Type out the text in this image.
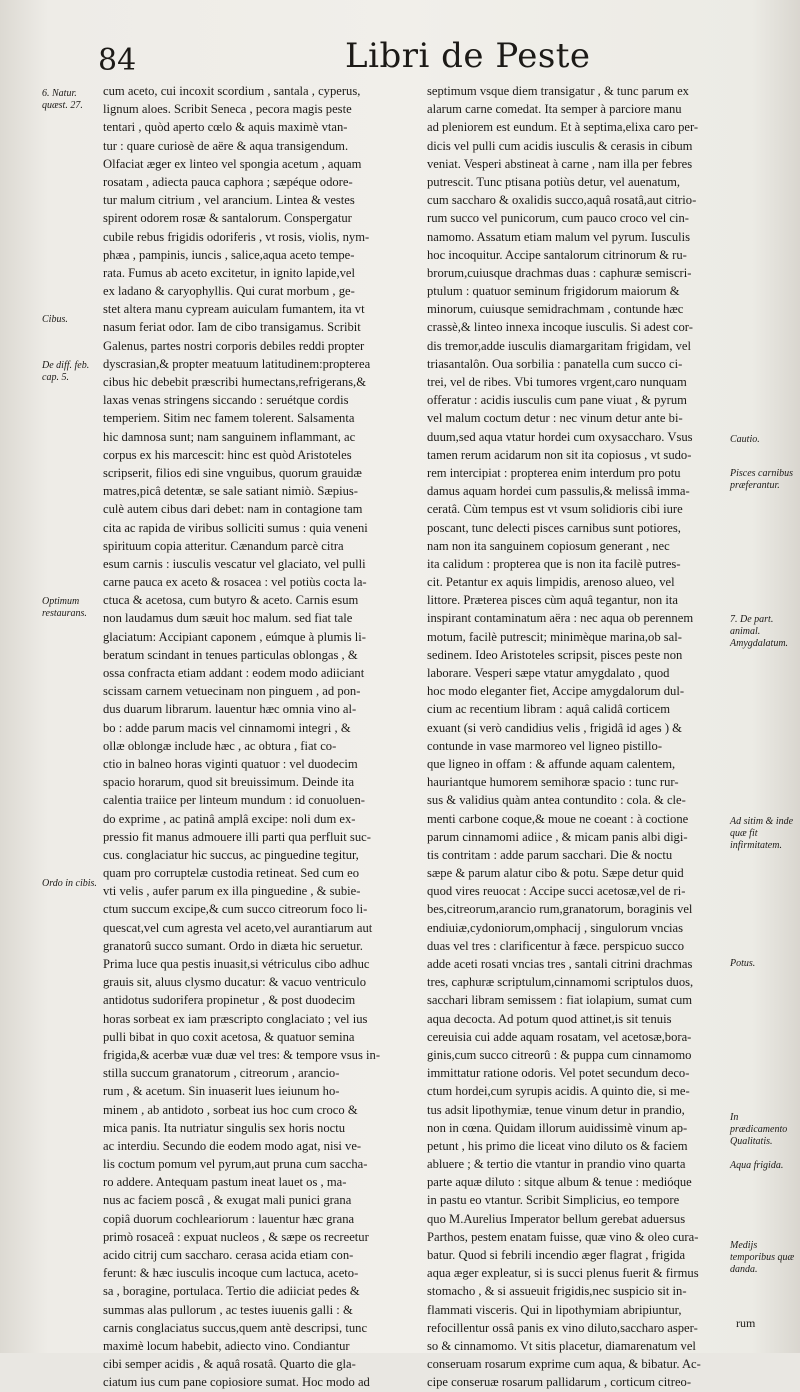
84	Libri de Peste
cum aceto, cui incoxit scordium , santala , cyperus,
lignum aloes. Scribit Seneca , pecora magis peste
tentari , quòd aperto cœlo & aquis maximè vtan-
tur : quare curiosè de aëre & aqua transigendum.
Olfaciat æger ex linteo vel spongia acetum , aquam
rosatam , adiecta pauca caphora ; sæpéque odore-
tur malum citrium , vel arancium. Lintea & vestes
spirent odorem rosæ & santalorum. Conspergatur
cubile rebus frigidis odoriferis , vt rosis, violis, nym-
phæa , pampinis, iuncis , salice,aqua aceto tempe-
rata. Fumus ab aceto excitetur, in ignito lapide,vel
ex ladano & caryophyllis. Qui curat morbum , ge-
stet altera manu cypream auiculam fumantem, ita vt
nasum feriat odor. Iam de cibo transigamus. Scribit
Galenus, partes nostri corporis debiles reddi propter
dyscrasian,& propter meatuum latitudinem:propterea
cibus hic debebit præscribi humectans,refrigerans,&
laxas venas stringens siccando : seruétque cordis
temperiem. Sitim nec famem tolerent. Salsamenta
hic damnosa sunt; nam sanguinem inflammant, ac
corpus ex his marcescit: hinc est quòd Aristoteles
scripserit, filios edi sine vnguibus, quorum grauidæ
matres,picâ detentæ, se sale satiant nimiò. Sæpius-
culè autem cibus dari debet: nam in contagione tam
cita ac rapida de viribus solliciti sumus : quia veneni
spirituum copia atteritur. Cænandum parcè citra
esum carnis : iusculis vescatur vel glaciato, vel pulli
carne pauca ex aceto & rosacea : vel potiùs cocta la-
ctuca & acetosa, cum butyro & aceto. Carnis esum
non laudamus dum sæuit hoc malum. sed fiat tale
glaciatum: Accipiant caponem , eúmque à plumis li-
beratum scindant in tenues particulas oblongas , &
ossa confracta etiam addant : eodem modo adiiciant
scissam carnem vetuecinam non pinguem , ad pon-
dus duarum librarum. lauentur hæc omnia vino al-
bo : adde parum macis vel cinnamomi integri , &
ollæ oblongæ include hæc , ac obtura , fiat co-
ctio in balneo horas viginti quatuor : vel duodecim
spacio horarum, quod sit breuissimum. Deinde ita
calentia traiice per linteum mundum : id conuoluen-
do exprime , ac patinâ amplâ excipe: noli dum ex-
pressio fit manus admouere illi parti qua perfluit suc-
cus. conglaciatur hic succus, ac pinguedine tegitur,
quam pro corruptelæ custodia retineat. Sed cum eo
vti velis , aufer parum ex illa pinguedine , & subie-
ctum succum excipe,& cum succo citreorum foco li-
quescat,vel cum agresta vel aceto,vel aurantiarum aut
granatorû succo sumant. Ordo in diæta hic seruetur.
Prima luce qua pestis inuasit,si vétriculus cibo adhuc
grauis sit, aluus clysmo ducatur: & vacuo ventriculo
antidotus sudorifera propinetur , & post duodecim
horas sorbeat ex iam præscripto conglaciato ; vel ius
pulli bibat in quo coxit acetosa, & quatuor semina
frigida,& acerbæ vuæ duæ vel tres: & tempore vsus in-
stilla succum granatorum , citreorum , arancio-
rum , & acetum. Sin inuaserit lues ieiunum ho-
minem , ab antidoto , sorbeat ius hoc cum croco &
mica panis. Ita nutriatur singulis sex horis noctu
ac interdiu. Secundo die eodem modo agat, nisi ve-
lis coctum pomum vel pyrum,aut pruna cum saccha-
ro addere. Antequam pastum ineat lauet os , ma-
nus ac faciem poscâ , & exugat mali punici grana
copiâ duorum cochleariorum : lauentur hæc grana
primò rosaceâ : expuat nucleos , & sæpe os recreetur
acido citrij cum saccharo. cerasa acida etiam con-
ferunt: & hæc iusculis incoque cum lactuca, aceto-
sa , boragine, portulaca. Tertio die adiiciat pedes &
summas alas pullorum , ac testes iuuenis galli : &
carnis conglaciatus succus,quem antè descripsi, tunc
maximè locum habebit, adiecto vino. Condiantur
cibi semper acidis , & aquâ rosatâ. Quarto die gla-
ciatum ius cum pane copiosiore sumat. Hoc modo ad
septimum vsque diem transigatur , & tunc parum ex
alarum carne comedat. Ita semper à parciore manu
ad pleniorem est eundum. Et à septima,elixa caro per-
dicis vel pulli cum acidis iusculis & cerasis in cibum
veniat. Vesperi abstineat à carne , nam illa per febres
putrescit. Tunc ptisana potiùs detur, vel auenatum,
cum saccharo & oxalidis succo,aquâ rosatâ,aut citrio-
rum succo vel punicorum, cum pauco croco vel cin-
namomo. Assatum etiam malum vel pyrum. Iusculis
hoc incoquitur. Accipe santalorum citrinorum & ru-
brorum,cuiusque drachmas duas : caphuræ semiscri-
ptulum : quatuor seminum frigidorum maiorum &
minorum, cuiusque semidrachmam , contunde hæc
crassè,& linteo innexa incoque iusculis. Si adest cor-
dis tremor,adde iusculis diamargaritam frigidam, vel
triasantalôn. Oua sorbilia : panatella cum succo ci-
trei, vel de ribes. Vbi tumores vrgent,caro nunquam
offeratur : acidis iusculis cum pane viuat , & pyrum
vel malum coctum detur : nec vinum detur ante bi-
duum,sed aqua vtatur hordei cum oxysaccharo. Vsus
tamen rerum acidarum non sit ita copiosus , vt sudo-
rem intercipiat : propterea enim interdum pro potu
damus aquam hordei cum passulis,& melissâ imma-
ceratâ. Cùm tempus est vt vsum solidioris cibi iure
poscant, tunc delecti pisces carnibus sunt potiores,
nam non ita sanguinem copiosum generant , nec
ita calidum : propterea que is non ita facilè putres-
cit. Petantur ex aquis limpidis, arenoso alueo, vel
littore. Præterea pisces cùm aquâ tegantur, non ita
inspirant contaminatum aëra : nec aqua ob perennem
motum, facilè putrescit; minimèque marina,ob sal-
sedinem. Ideo Aristoteles scripsit, pisces peste non
laborare. Vesperi sæpe vtatur amygdalato , quod
hoc modo eleganter fiet, Accipe amygdalorum dul-
cium ac recentium libram : aquâ calidâ corticem
exuant (si verò candidius velis , frigidâ id ages ) &
contunde in vase marmoreo vel ligneo pistillo-
que ligneo in offam : & affunde aquam calentem,
hauriantque humorem semihoræ spacio : tunc rur-
sus & validius quàm antea contundito : cola. & cle-
menti carbone coque,& moue ne coeant : à coctione
parum cinnamomi adiice , & micam panis albi digi-
tis contritam : adde parum sacchari. Die & noctu
sæpe & parum alatur cibo & potu. Sæpe detur quid
quod vires reuocat : Accipe succi acetosæ,vel de ri-
bes,citreorum,arancio rum,granatorum, boraginis vel
endiuiæ,cydoniorum,omphacij , singulorum vncias
duas vel tres : clarificentur à fæce. perspicuo succo
adde aceti rosati vncias tres , santali citrini drachmas
tres, caphuræ scriptulum,cinnamomi scriptulos duos,
sacchari libram semissem : fiat iolapium, sumat cum
aqua decocta. Ad potum quod attinet,is sit tenuis
cereuisia cui adde aquam rosatam, vel acetosæ,bora-
ginis,cum succo citreorû : & puppa cum cinnamomo
immittatur ratione odoris. Vel potet secundum deco-
ctum hordei,cum syrupis acidis. A quinto die, si me-
tus adsit lipothymiæ, tenue vinum detur in prandio,
non in cœna. Quidam illorum auidissimè vinum ap-
petunt , his primo die liceat vino diluto os & faciem
abluere ; & tertio die vtantur in prandio vino quarta
parte aquæ diluto : sitque album & tenue : medióque
in pastu eo vtantur. Scribit Simplicius, eo tempore
quo M.Aurelius Imperator bellum gerebat aduersus
Parthos, pestem enatam fuisse, quæ vino & oleo cura-
batur. Quod si febrili incendio æger flagrat , frigida
aqua æger expleatur, si is succi plenus fuerit & firmus
stomacho , & si assueuit frigidis,nec suspicio sit in-
flammati visceris. Qui in lipothymiam abripiuntur,
refocillentur ossâ panis ex vino diluto,saccharo asper-
so & cinnamomo. Vt sitis placetur, diamarenatum vel
conseruam rosarum exprime cum aqua, & bibatur. Ac-
cipe conseruæ rosarum pallidarum , corticum citreo-
6. Natur. quæst. 27.
Cibus.
De diff. feb. cap. 5.
Optimum restaurans.
Ordo in cibis.
Cautio.
Pisces carnibus præferantur.
7. De part. animal. Amygdalatum.
Ad sitim & inde quæ fit infirmitatem.
Potus.
In prædicamento Qualitatis.
Aqua frigida.
Medijs temporibus quæ danda.
rum
